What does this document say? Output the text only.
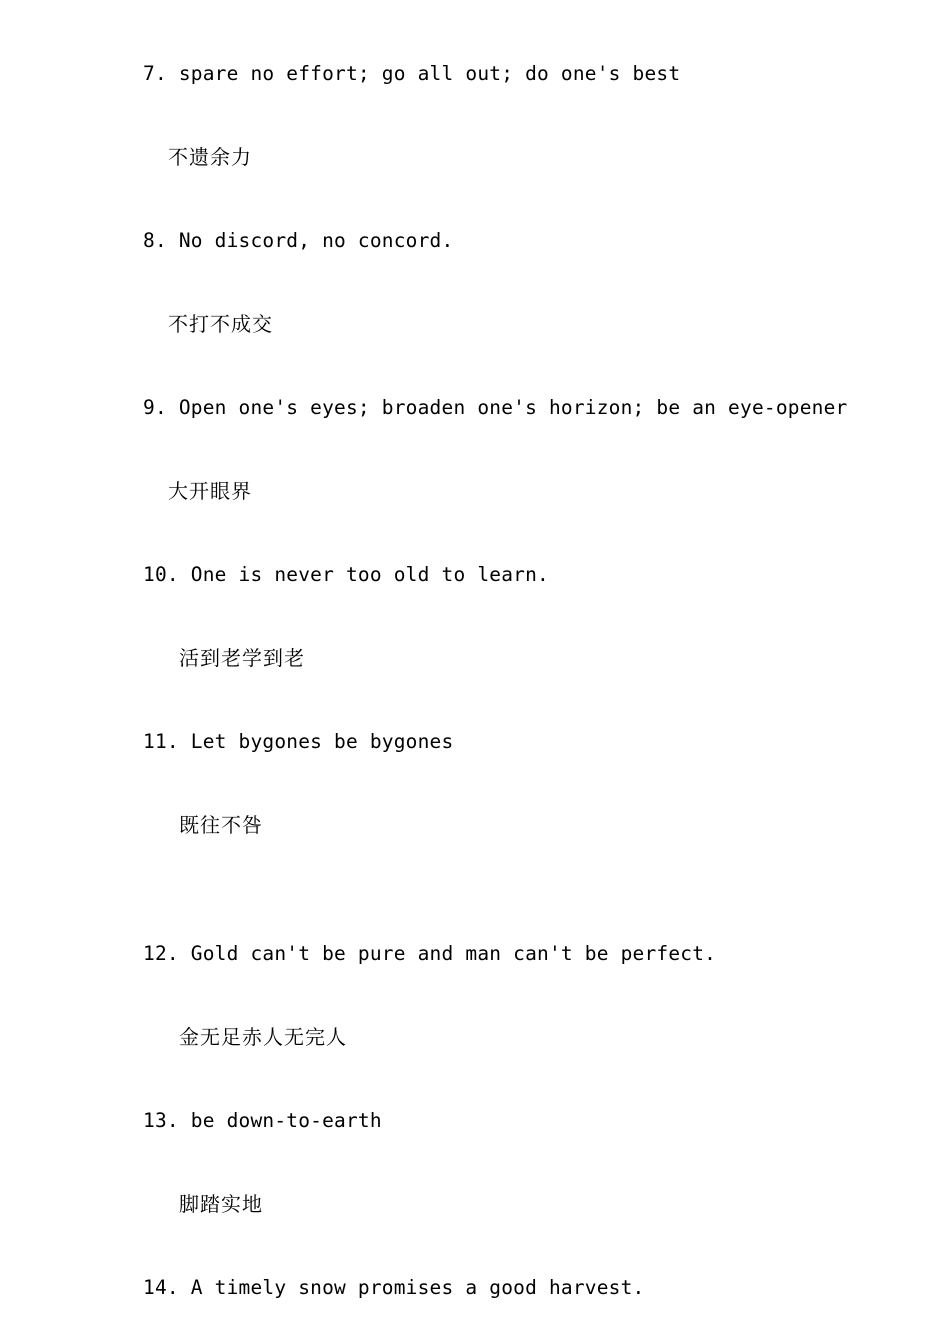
7. spare no effort; go all out; do one's best
不遗余力
8. No discord, no concord.
不打不成交
9. Open one's eyes; broaden one's horizon; be an eye-opener
大开眼界
10. One is never too old to learn.
活到老学到老
11. Let bygones be bygones
既往不咎
12. Gold can't be pure and man can't be perfect.
金无足赤人无完人
13. be down-to-earth
脚踏实地
14. A timely snow promises a good harvest.
